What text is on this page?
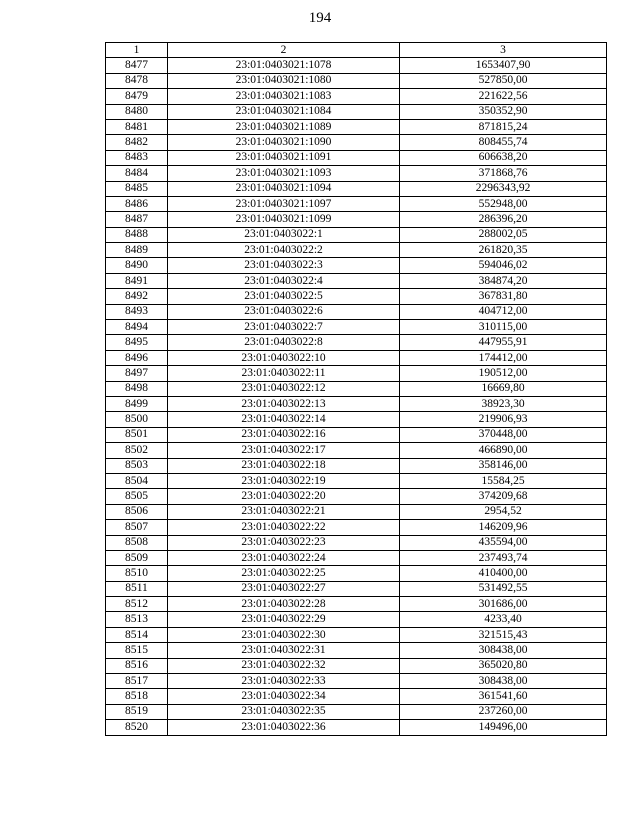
194
1	2	3
8477	23:01:0403021:1078	1653407,90
8478	23:01:0403021:1080	527850,00
8479	23:01:0403021:1083	221622,56
8480	23:01:0403021:1084	350352,90
8481	23:01:0403021:1089	871815,24
8482	23:01:0403021:1090	808455,74
8483	23:01:0403021:1091	606638,20
8484	23:01:0403021:1093	371868,76
8485	23:01:0403021:1094	2296343,92
8486	23:01:0403021:1097	552948,00
8487	23:01:0403021:1099	286396,20
8488	23:01:0403022:1	288002,05
8489	23:01:0403022:2	261820,35
8490	23:01:0403022:3	594046,02
8491	23:01:0403022:4	384874,20
8492	23:01:0403022:5	367831,80
8493	23:01:0403022:6	404712,00
8494	23:01:0403022:7	310115,00
8495	23:01:0403022:8	447955,91
8496	23:01:0403022:10	174412,00
8497	23:01:0403022:11	190512,00
8498	23:01:0403022:12	16669,80
8499	23:01:0403022:13	38923,30
8500	23:01:0403022:14	219906,93
8501	23:01:0403022:16	370448,00
8502	23:01:0403022:17	466890,00
8503	23:01:0403022:18	358146,00
8504	23:01:0403022:19	15584,25
8505	23:01:0403022:20	374209,68
8506	23:01:0403022:21	2954,52
8507	23:01:0403022:22	146209,96
8508	23:01:0403022:23	435594,00
8509	23:01:0403022:24	237493,74
8510	23:01:0403022:25	410400,00
8511	23:01:0403022:27	531492,55
8512	23:01:0403022:28	301686,00
8513	23:01:0403022:29	4233,40
8514	23:01:0403022:30	321515,43
8515	23:01:0403022:31	308438,00
8516	23:01:0403022:32	365020,80
8517	23:01:0403022:33	308438,00
8518	23:01:0403022:34	361541,60
8519	23:01:0403022:35	237260,00
8520	23:01:0403022:36	149496,00
